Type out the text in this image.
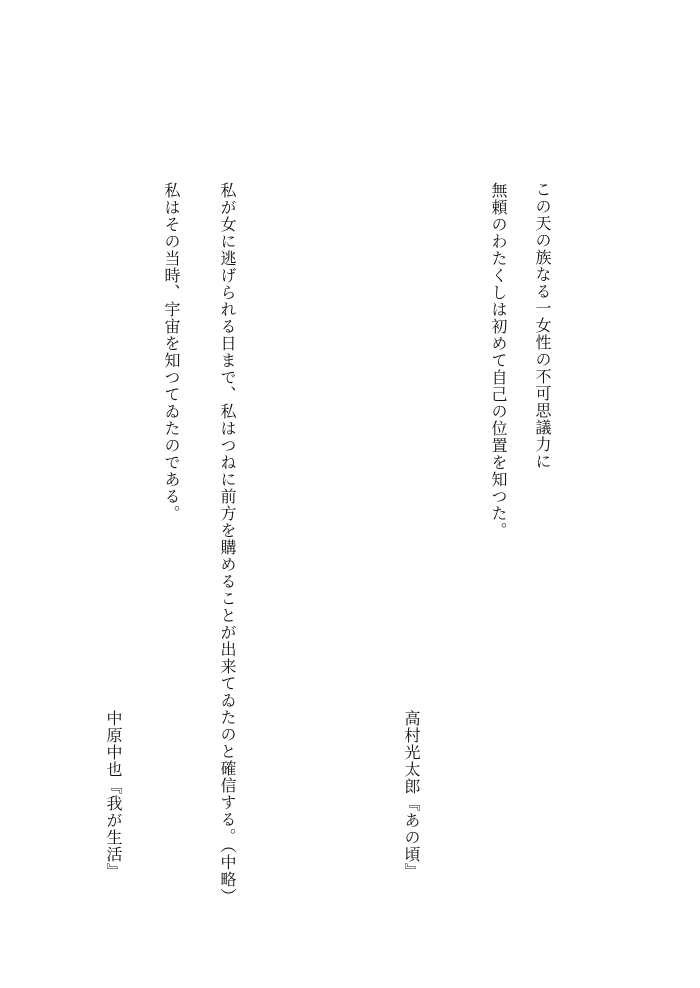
この天の族なる一女性の不可思議力に
無頼のわたくしは初めて自己の位置を知つた。
高村光太郎『あの頃』
私が女に逃げられる日まで、私はつねに前方を購めることが出来てゐたのと確信する。（中略）
私はその当時、宇宙を知つてゐたのである。
中原中也『我が生活』
